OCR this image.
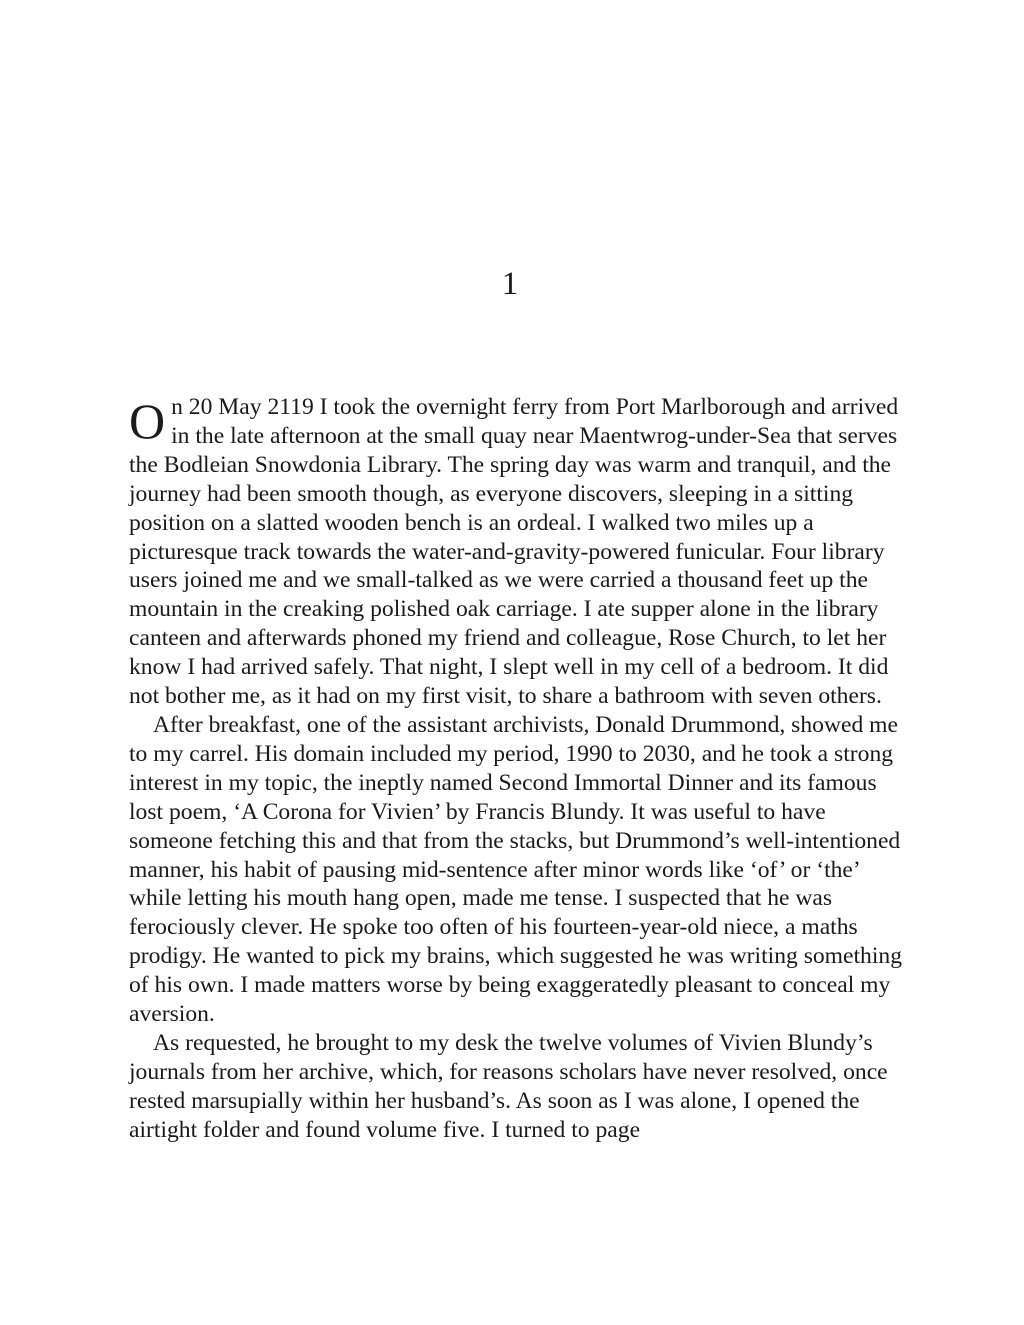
1

On 20 May 2119 I took the overnight ferry from Port Marlborough and arrived in the late afternoon at the small quay near Maentwrog-under-Sea that serves the Bodleian Snowdonia Library. The spring day was warm and tranquil, and the journey had been smooth though, as everyone discovers, sleeping in a sitting position on a slatted wooden bench is an ordeal. I walked two miles up a picturesque track towards the water-and-gravity-powered funicular. Four library users joined me and we small-talked as we were carried a thousand feet up the mountain in the creaking polished oak carriage. I ate supper alone in the library canteen and afterwards phoned my friend and colleague, Rose Church, to let her know I had arrived safely. That night, I slept well in my cell of a bedroom. It did not bother me, as it had on my first visit, to share a bathroom with seven others.

After breakfast, one of the assistant archivists, Donald Drummond, showed me to my carrel. His domain included my period, 1990 to 2030, and he took a strong interest in my topic, the ineptly named Second Immortal Dinner and its famous lost poem, ‘A Corona for Vivien’ by Francis Blundy. It was useful to have someone fetching this and that from the stacks, but Drummond’s well-intentioned manner, his habit of pausing mid-sentence after minor words like ‘of’ or ‘the’ while letting his mouth hang open, made me tense. I suspected that he was ferociously clever. He spoke too often of his fourteen-year-old niece, a maths prodigy. He wanted to pick my brains, which suggested he was writing something of his own. I made matters worse by being exaggeratedly pleasant to conceal my aversion.

As requested, he brought to my desk the twelve volumes of Vivien Blundy’s journals from her archive, which, for reasons scholars have never resolved, once rested marsupially within her husband’s. As soon as I was alone, I opened the airtight folder and found volume five. I turned to page
